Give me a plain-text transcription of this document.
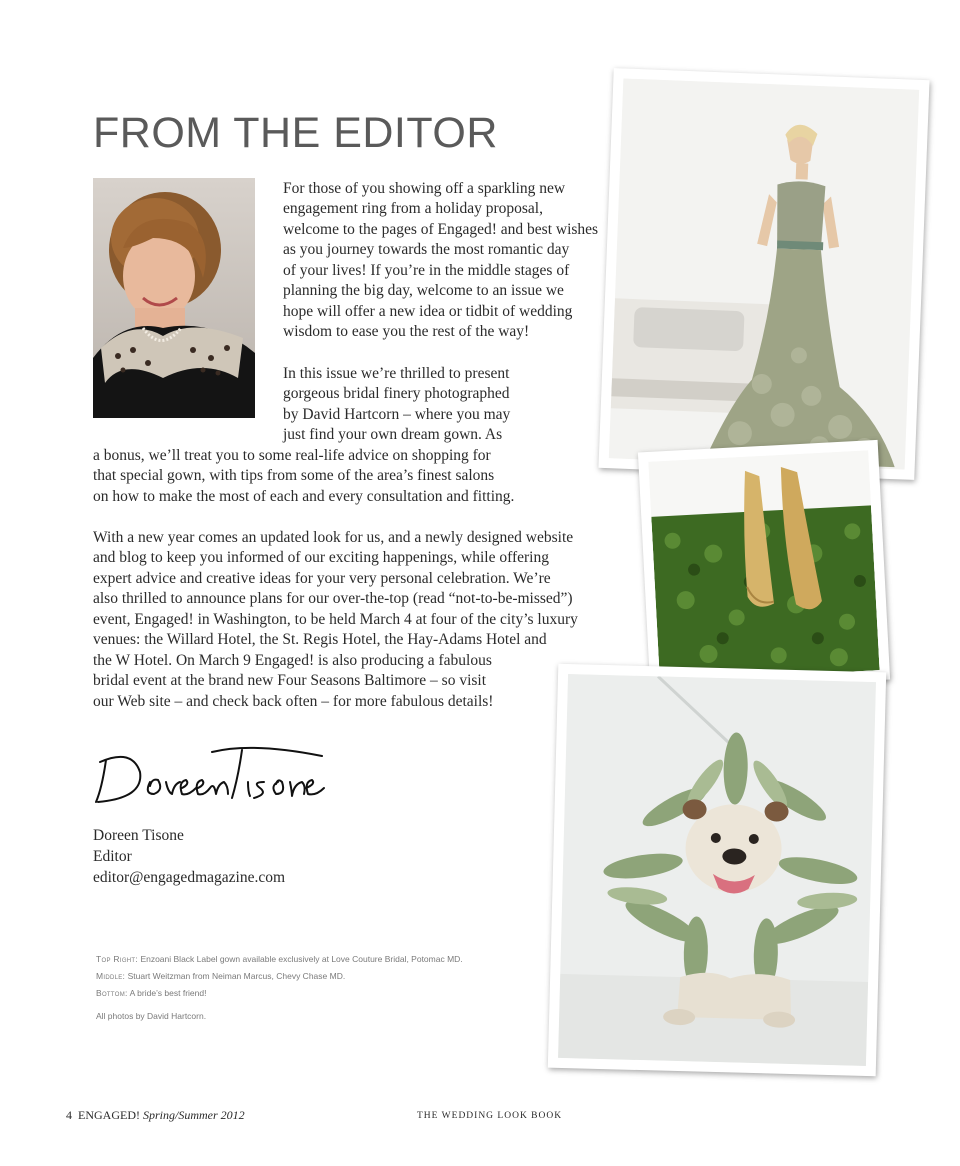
FROM THE EDITOR
For those of you showing off a sparkling new
engagement ring from a holiday proposal,
welcome to the pages of Engaged! and best wishes
as you journey towards the most romantic day
of your lives! If you’re in the middle stages of
planning the big day, welcome to an issue we
hope will offer a new idea or tidbit of wedding
wisdom to ease you the rest of the way!
In this issue we’re thrilled to present
gorgeous bridal finery photographed
by David Hartcorn – where you may
just find your own dream gown. As
a bonus, we’ll treat you to some real-life advice on shopping for
that special gown, with tips from some of the area’s finest salons
on how to make the most of each and every consultation and fitting.
With a new year comes an updated look for us, and a newly designed website
and blog to keep you informed of our exciting happenings, while offering
expert advice and creative ideas for your very personal celebration. We’re
also thrilled to announce plans for our over-the-top (read “not-to-be-missed”)
event, Engaged! in Washington, to be held March 4 at four of the city’s luxury
venues: the Willard Hotel, the St. Regis Hotel, the Hay-Adams Hotel and
the W Hotel. On March 9 Engaged! is also producing a fabulous
bridal event at the brand new Four Seasons Baltimore – so visit
our Web site – and check back often – for more fabulous details!
Doreen Tisone
Editor
editor@engagedmagazine.com
Top Right: Enzoani Black Label gown available exclusively at Love Couture Bridal, Potomac MD.
Middle: Stuart Weitzman from Neiman Marcus, Chevy Chase MD.
Bottom: A bride’s best friend!
All photos by David Hartcorn.
4 ENGAGED! Spring/Summer 2012	THE WEDDING LOOK BOOK
